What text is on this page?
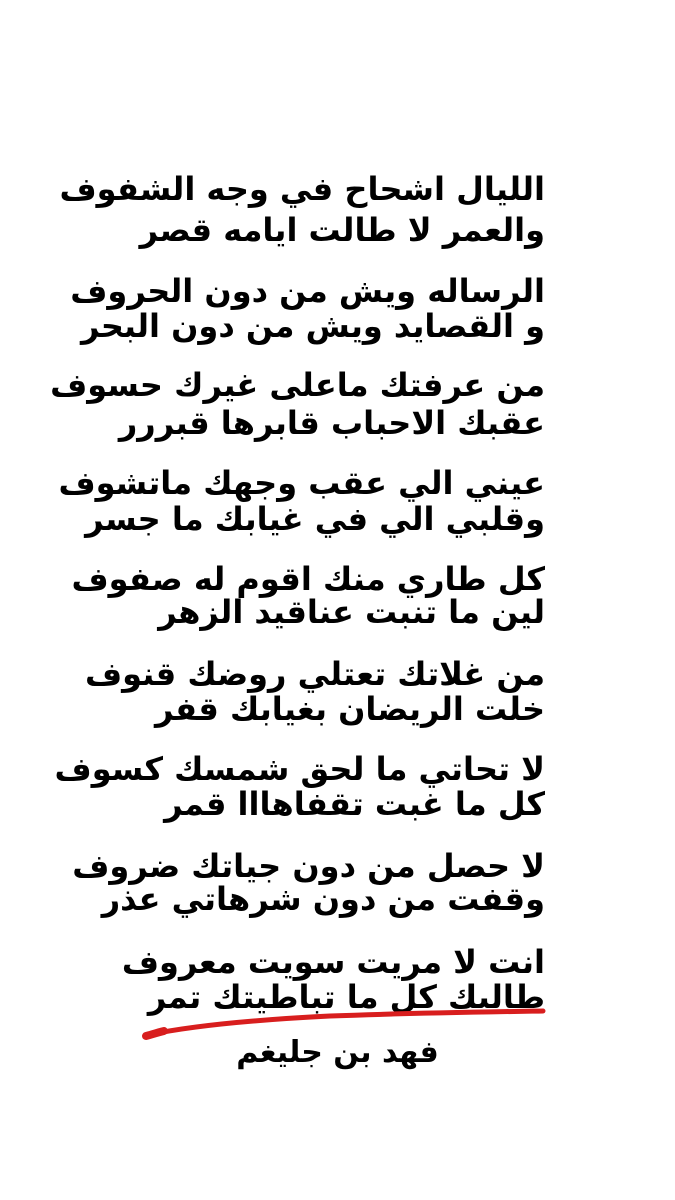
الليال اشحاح في وجه الشفوف
والعمر لا طالت ايامه قصر
الرساله ويش من دون الحروف
و القصايد ويش من دون البحر
من عرفتك ماعلى غيرك حسوف
عقبك الاحباب قابرها قبررر
عيني الي عقب وجهك ماتشوف
وقلبي الي في غيابك ما جسر
كل طاري منك اقوم له صفوف
لين ما تنبت عناقيد الزهر
من غلاتك تعتلي روضك قنوف
خلت الريضان بغيابك قفر
لا تحاتي ما لحق شمسك كسوف
كل ما غبت تقفاهااا قمر
لا حصل من دون جياتك ضروف
وقفت من دون شرهاتي عذر
انت لا مريت سويت معروف
طالبك كل ما تباطيتك تمر
فهد بن جليغم
